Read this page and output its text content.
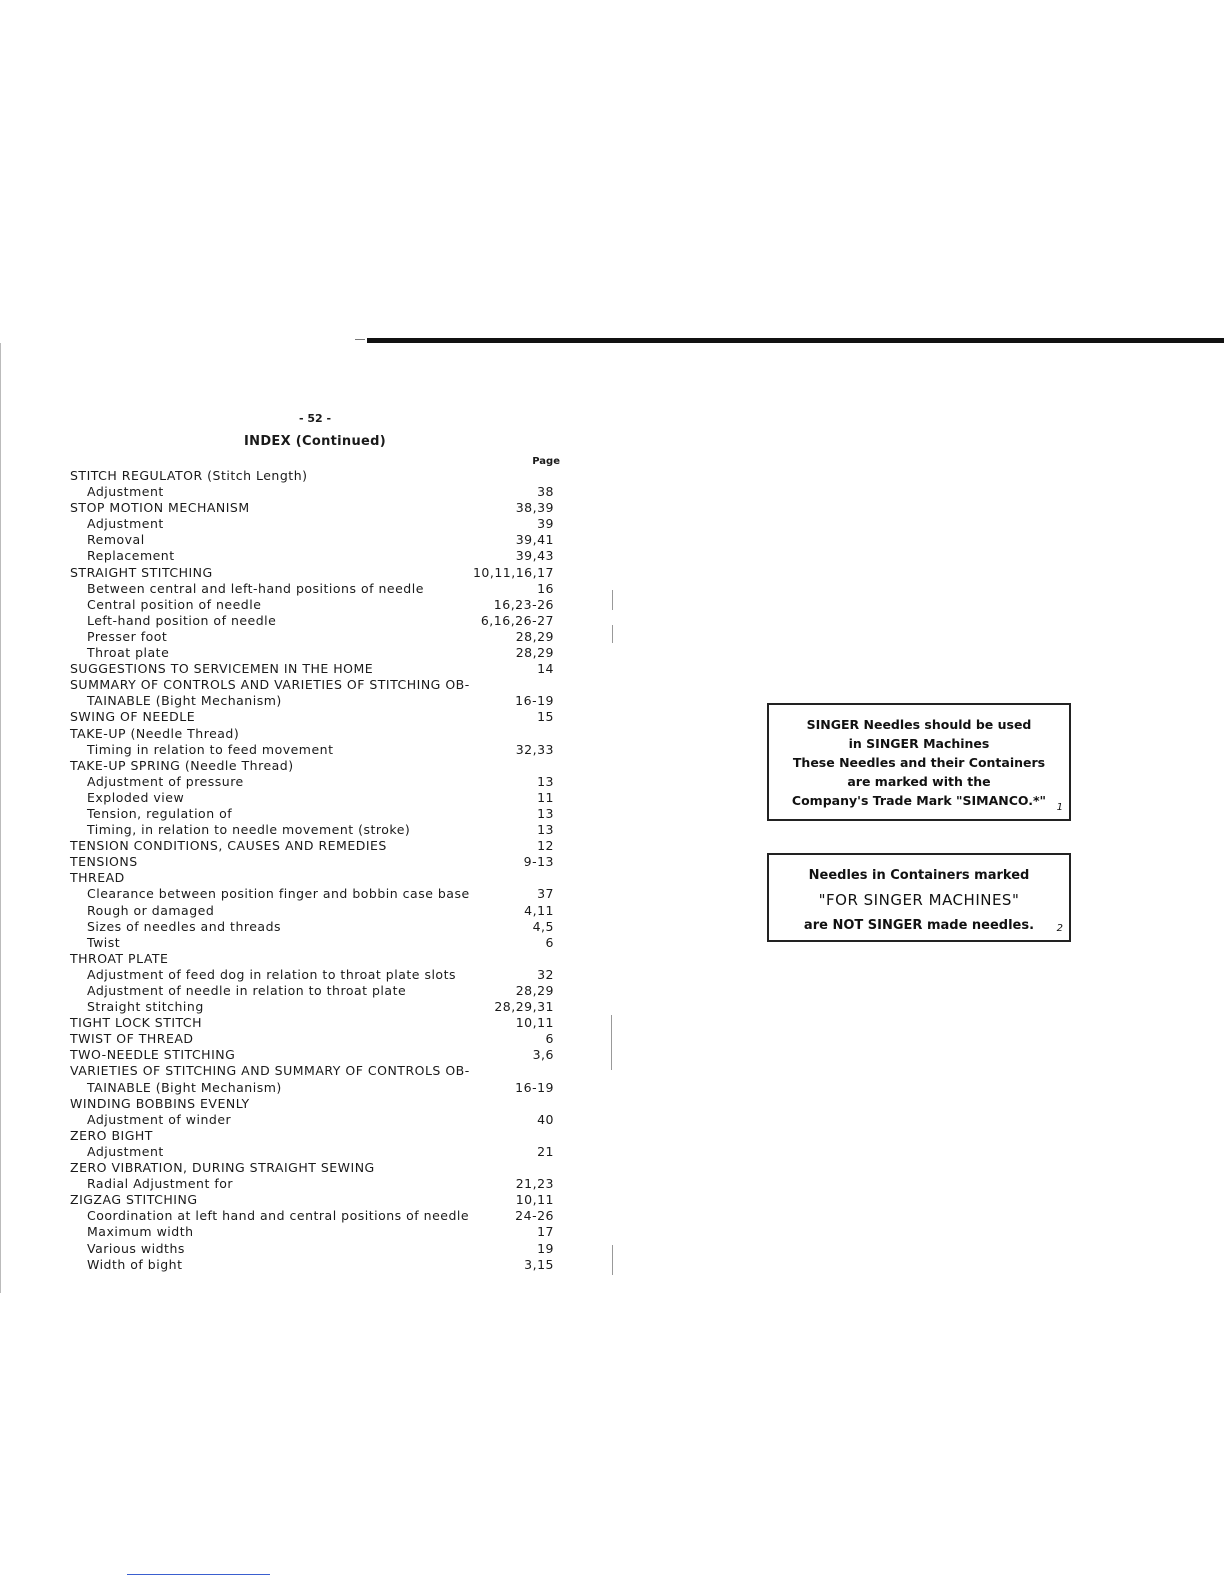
- 52 -
INDEX (Continued)
Page
STITCH REGULATOR (Stitch Length)
Adjustment	38
STOP MOTION MECHANISM	38,39
Adjustment	39
Removal	39,41
Replacement	39,43
STRAIGHT STITCHING	10,11,16,17
Between central and left-hand positions of needle	16
Central position of needle	16,23-26
Left-hand position of needle	6,16,26-27
Presser foot	28,29
Throat plate	28,29
SUGGESTIONS TO SERVICEMEN IN THE HOME	14
SUMMARY OF CONTROLS AND VARIETIES OF STITCHING OB-
TAINABLE (Bight Mechanism)	16-19
SWING OF NEEDLE	15
TAKE-UP (Needle Thread)
Timing in relation to feed movement	32,33
TAKE-UP SPRING (Needle Thread)
Adjustment of pressure	13
Exploded view	11
Tension, regulation of	13
Timing, in relation to needle movement (stroke)	13
TENSION CONDITIONS, CAUSES AND REMEDIES	12
TENSIONS	9-13
THREAD
Clearance between position finger and bobbin case base	37
Rough or damaged	4,11
Sizes of needles and threads	4,5
Twist	6
THROAT PLATE
Adjustment of feed dog in relation to throat plate slots	32
Adjustment of needle in relation to throat plate	28,29
Straight stitching	28,29,31
TIGHT LOCK STITCH	10,11
TWIST OF THREAD	6
TWO-NEEDLE STITCHING	3,6
VARIETIES OF STITCHING AND SUMMARY OF CONTROLS OB-
TAINABLE (Bight Mechanism)	16-19
WINDING BOBBINS EVENLY
Adjustment of winder	40
ZERO BIGHT
Adjustment	21
ZERO VIBRATION, DURING STRAIGHT SEWING
Radial Adjustment for	21,23
ZIGZAG STITCHING	10,11
Coordination at left hand and central positions of needle	24-26
Maximum width	17
Various widths	19
Width of bight	3,15
SINGER Needles should be used
in SINGER Machines
These Needles and their Containers
are marked with the
Company's Trade Mark "SIMANCO.*"	1
Needles in Containers marked
"FOR SINGER MACHINES"
are NOT SINGER made needles.	2
